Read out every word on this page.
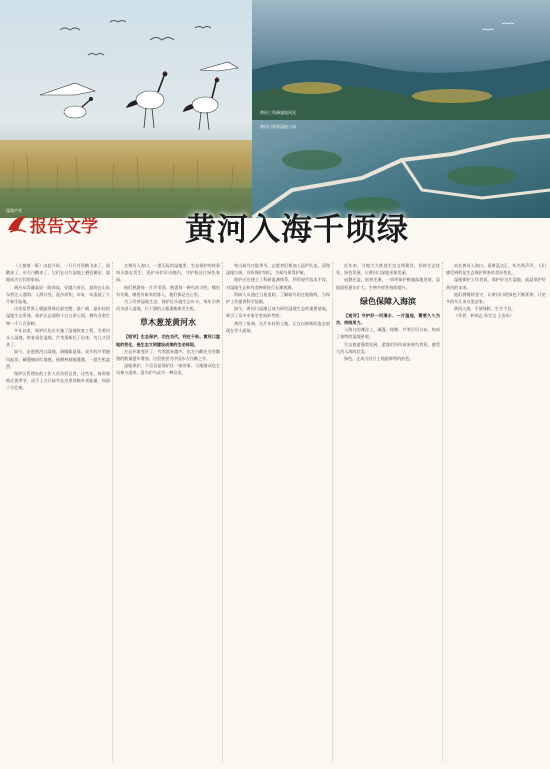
湿地芦苇
黄河三角洲湿地风光
黄河口国家湿地公园
报告文学	黄河入海千顷绿

（上接第一版）由此开始，一只只丹顶鹤飞来了，黑鹳来了，东方白鹳来了。它们在这片湿地上栖息繁衍，湿地成为它们的家园。

黄河从青藏高原一路奔流，穿越九省区，最终在山东东营注入渤海。入海口处，泥沙淤积，年复一年造就了大片新生陆地。

这里是世界上暖温带保存最完整、最广阔、最年轻的湿地生态系统。保护区总面积十五万余公顷，拥有各类生物一千六百余种。

多年以来，保护区先后实施了湿地恢复工程，引黄河水入湿地，恢复退化湿地，芦苇重新长了出来，鸟儿又回来了。

如今，走进黄河口湿地，满眼都是绿。成片的芦苇随风起伏，碱蓬铺成红地毯，柽柳林郁郁葱葱，一派生机盎然。

保护区管理站的工作人员告诉记者，这些年，每到春秋迁徙季节，成千上万只候鸟在这里停歇补充能量，场面十分壮观。

在黄河入海口，一望无际的湿地里，生态保护的故事每天都在发生。巡护员们早出晚归，守护着这片绿色家园。

他们熟悉每一片芦苇荡，熟悉每一种鸟的习性。哪里有鸟巢，哪里有新来的客人，他们都记在心里。

为了改善湿地生态，保护区实施生态补水，每年引黄河水进入湿地，让干涸的土地重新焕发生机。

草木葱茏黄河水

【短评】生态保护，功在当代，利在千秋。黄河口湿地的变化，是生态文明建设成果的生动体现。

生态环境变好了，鸟类越来越多。东方白鹳在这里繁殖的数量逐年增加，这里被誉为中国东方白鹳之乡。

湿地保护，不仅仅是保护区一家的事。当地群众也主动参与进来，爱鸟护鸟成为一种自觉。

每当候鸟迁徙季节，志愿者们便加入巡护队伍，清理湿地垃圾，宣传保护知识，为候鸟保驾护航。

保护区还建立了科研监测体系，利用现代技术手段，对湿地生态和鸟类种群进行长期观测。

科研人员通过卫星追踪，了解候鸟的迁徙路线，为保护工作提供科学依据。

如今，黄河口湿地已成为研究湿地生态的重要基地，吸引了众多专家学者前来考察。

黄河三角洲，这片年轻的土地，正在以崭新的姿态展现在世人面前。

近年来，当地大力推进生态文明建设，坚持生态优先、绿色发展，让黄河口湿地更加美丽。

退耕还湿、退养还滩，一项项保护措施落地见效，湿地面积逐年扩大，生物多样性持续提升。

绿色保障入海滨

【短评】守护好一河清水、一片湿地，需要久久为功，持续用力。

入海口的滩涂上，碱蓬、柽柳、芦苇层层分布，构成了独特的湿地景观。

生态旅游蓬勃发展，游客们纷纷前来观鸟赏景，感受大河入海的壮美。

绿色，正成为这片土地最鲜明的底色。

站在黄河入海口，看黄蓝交汇，听鸟鸣声声，人们感受到的是生态保护带来的美好变化。

湿地保护工作者说，保护好这片湿地，就是保护好黄河的未来。

他们将继续坚守，让黄河口的绿色不断延伸，让更多的鸟儿来这里安家。

黄河入海，千顷绿野，生生不息。

（作者：仲伟志 孙学文 王安东）
